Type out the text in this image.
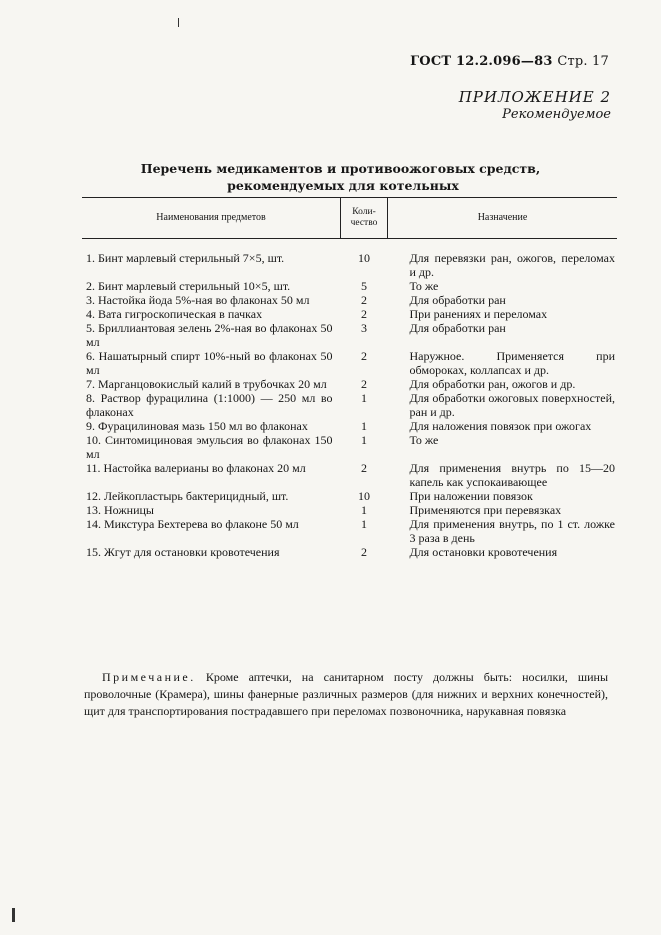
ГОСТ 12.2.096—83 Стр. 17
ПРИЛОЖЕНИЕ 2
Рекомендуемое
Перечень медикаментов и противоожоговых средств,
рекомендуемых для котельных
Наименования предметов	Коли-чество	Назначение

1. Бинт марлевый стерильный 7×5, шт.	10	Для перевязки ран, ожогов, переломах и др.
2. Бинт марлевый стерильный 10×5, шт.	5	То же
3. Настойка йода 5%-ная во флаконах 50 мл	2	Для обработки ран
4. Вата гигроскопическая в пачках	2	При ранениях и переломах
5. Бриллиантовая зелень 2%-ная во флаконах 50 мл	3	Для обработки ран
6. Нашатырный спирт 10%-ный во флаконах 50 мл	2	Наружное. Применяется при обмороках, коллапсах и др.
7. Марганцовокислый калий в трубочках 20 мл	2	Для обработки ран, ожогов и др.
8. Раствор фурацилина (1:1000) — 250 мл во флаконах	1	Для обработки ожоговых поверхностей, ран и др.
9. Фурацилиновая мазь 150 мл во флаконах	1	Для наложения повязок при ожогах
10. Синтомициновая эмульсия во флаконах 150 мл	1	То же
11. Настойка валерианы во флаконах 20 мл	2	Для применения внутрь по 15—20 капель как успокаивающее
12. Лейкопластырь бактерицидный, шт.	10	При наложении повязок
13. Ножницы	1	Применяются при перевязках
14. Микстура Бехтерева во флаконе 50 мл	1	Для применения внутрь, по 1 ст. ложке 3 раза в день
15. Жгут для остановки кровотечения	2	Для остановки кровотечения
Примечание. Кроме аптечки, на санитарном посту должны быть: носилки, шины проволочные (Крамера), шины фанерные различных размеров (для нижних и верхних конечностей), щит для транспортирования пострадавшего при переломах позвоночника, нарукавная повязка
